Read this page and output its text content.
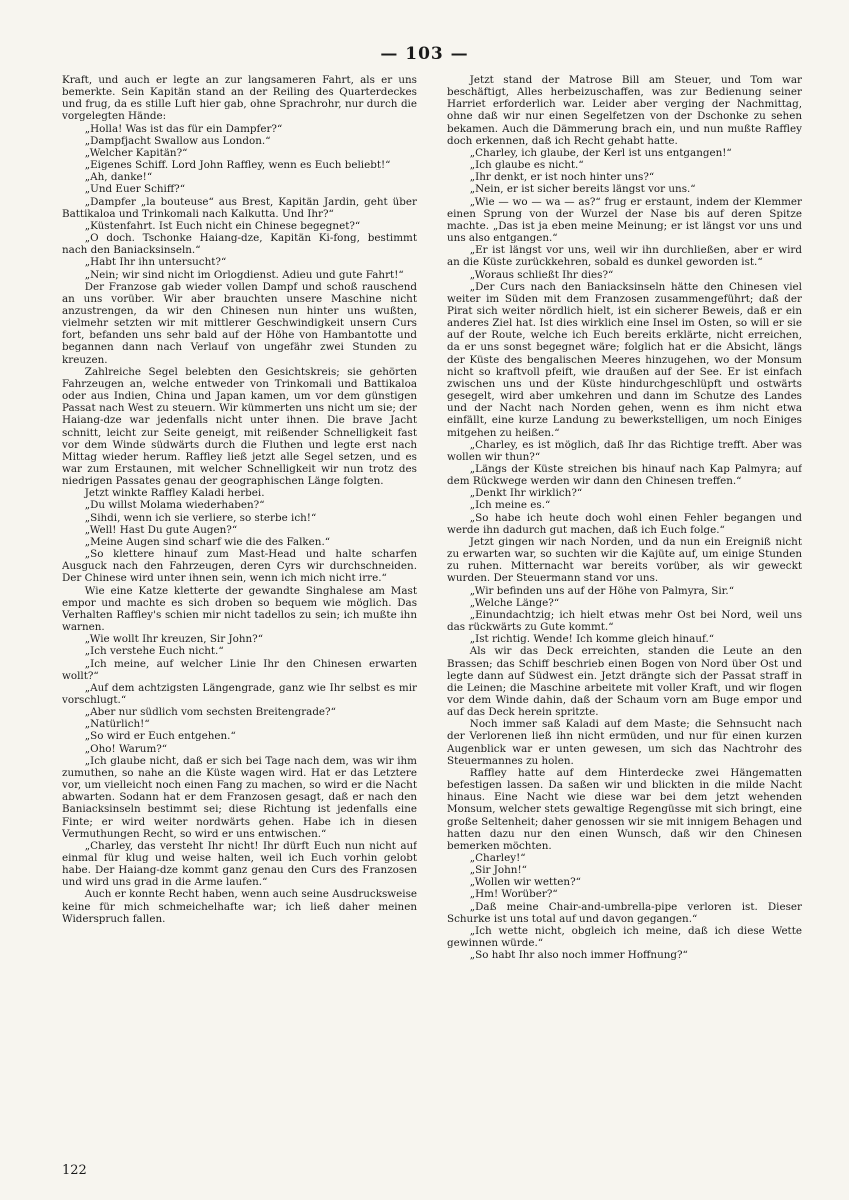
— 103 —

Kraft, und auch er legte an zur langsameren Fahrt, als er uns bemerkte. Sein Kapitän stand an der Reiling des Quarterdeckes und frug, da es stille Luft hier gab, ohne Sprachrohr, nur durch die vorgelegten Hände:

„Holla! Was ist das für ein Dampfer?“

„Dampfjacht Swallow aus London.“

„Welcher Kapitän?“

„Eigenes Schiff. Lord John Raffley, wenn es Euch beliebt!“

„Ah, danke!“

„Und Euer Schiff?“

„Dampfer „la bouteuse“ aus Brest, Kapitän Jardin, geht über Battikaloa und Trinkomali nach Kalkutta. Und Ihr?“

„Küstenfahrt. Ist Euch nicht ein Chinese begegnet?“

„O doch. Tschonke Haiang-dze, Kapitän Ki-fong, bestimmt nach den Baniacksinseln.“

„Habt Ihr ihn untersucht?“

„Nein; wir sind nicht im Orlogdienst. Adieu und gute Fahrt!“

Der Franzose gab wieder vollen Dampf und schoß rauschend an uns vorüber. Wir aber brauchten unsere Maschine nicht anzustrengen, da wir den Chinesen nun hinter uns wußten, vielmehr setzten wir mit mittlerer Geschwindigkeit unsern Curs fort, befanden uns sehr bald auf der Höhe von Hambantotte und begannen dann nach Verlauf von ungefähr zwei Stunden zu kreuzen.

Zahlreiche Segel belebten den Gesichtskreis; sie gehörten Fahrzeugen an, welche entweder von Trinkomali und Battikaloa oder aus Indien, China und Japan kamen, um vor dem günstigen Passat nach West zu steuern. Wir kümmerten uns nicht um sie; der Haiang-dze war jedenfalls nicht unter ihnen. Die brave Jacht schnitt, leicht zur Seite geneigt, mit reißender Schnelligkeit fast vor dem Winde südwärts durch die Fluthen und legte erst nach Mittag wieder herum. Raffley ließ jetzt alle Segel setzen, und es war zum Erstaunen, mit welcher Schnelligkeit wir nun trotz des niedrigen Passates genau der geographischen Länge folgten.

Jetzt winkte Raffley Kaladi herbei.

„Du willst Molama wiederhaben?“

„Sihdi, wenn ich sie verliere, so sterbe ich!“

„Well! Hast Du gute Augen?“

„Meine Augen sind scharf wie die des Falken.“

„So klettere hinauf zum Mast-Head und halte scharfen Ausguck nach den Fahrzeugen, deren Cyrs wir durchschneiden. Der Chinese wird unter ihnen sein, wenn ich mich nicht irre.“

Wie eine Katze kletterte der gewandte Singhalese am Mast empor und machte es sich droben so bequem wie möglich. Das Verhalten Raffley's schien mir nicht tadellos zu sein; ich mußte ihn warnen.

„Wie wollt Ihr kreuzen, Sir John?“

„Ich verstehe Euch nicht.“

„Ich meine, auf welcher Linie Ihr den Chinesen erwarten wollt?“

„Auf dem achtzigsten Längengrade, ganz wie Ihr selbst es mir vorschlugt.“

„Aber nur südlich vom sechsten Breitengrade?“

„Natürlich!“

„So wird er Euch entgehen.“

„Oho! Warum?“

„Ich glaube nicht, daß er sich bei Tage nach dem, was wir ihm zumuthen, so nahe an die Küste wagen wird. Hat er das Letztere vor, um vielleicht noch einen Fang zu machen, so wird er die Nacht abwarten. Sodann hat er dem Franzosen gesagt, daß er nach den Baniacksinseln bestimmt sei; diese Richtung ist jedenfalls eine Finte; er wird weiter nordwärts gehen. Habe ich in diesen Vermuthungen Recht, so wird er uns entwischen.“

„Charley, das versteht Ihr nicht! Ihr dürft Euch nun nicht auf einmal für klug und weise halten, weil ich Euch vorhin gelobt habe. Der Haiang-dze kommt ganz genau den Curs des Franzosen und wird uns grad in die Arme laufen.“

Auch er konnte Recht haben, wenn auch seine Ausdrucksweise keine für mich schmeichelhafte war; ich ließ daher meinen Widerspruch fallen.

Jetzt stand der Matrose Bill am Steuer, und Tom war beschäftigt, Alles herbeizuschaffen, was zur Bedienung seiner Harriet erforderlich war. Leider aber verging der Nachmittag, ohne daß wir nur einen Segelfetzen von der Dschonke zu sehen bekamen. Auch die Dämmerung brach ein, und nun mußte Raffley doch erkennen, daß ich Recht gehabt hatte.

„Charley, ich glaube, der Kerl ist uns entgangen!“

„Ich glaube es nicht.“

„Ihr denkt, er ist noch hinter uns?“

„Nein, er ist sicher bereits längst vor uns.“

„Wie — wo — wa — as?“ frug er erstaunt, indem der Klemmer einen Sprung von der Wurzel der Nase bis auf deren Spitze machte. „Das ist ja eben meine Meinung; er ist längst vor uns und uns also entgangen.“

„Er ist längst vor uns, weil wir ihn durchließen, aber er wird an die Küste zurückkehren, sobald es dunkel geworden ist.“

„Woraus schließt Ihr dies?“

„Der Curs nach den Baniacksinseln hätte den Chinesen viel weiter im Süden mit dem Franzosen zusammengeführt; daß der Pirat sich weiter nördlich hielt, ist ein sicherer Beweis, daß er ein anderes Ziel hat. Ist dies wirklich eine Insel im Osten, so will er sie auf der Route, welche ich Euch bereits erklärte, nicht erreichen, da er uns sonst begegnet wäre; folglich hat er die Absicht, längs der Küste des bengalischen Meeres hinzugehen, wo der Monsum nicht so kraftvoll pfeift, wie draußen auf der See. Er ist einfach zwischen uns und der Küste hindurchgeschlüpft und ostwärts gesegelt, wird aber umkehren und dann im Schutze des Landes und der Nacht nach Norden gehen, wenn es ihm nicht etwa einfällt, eine kurze Landung zu bewerkstelligen, um noch Einiges mitgehen zu heißen.“

„Charley, es ist möglich, daß Ihr das Richtige trefft. Aber was wollen wir thun?“

„Längs der Küste streichen bis hinauf nach Kap Palmyra; auf dem Rückwege werden wir dann den Chinesen treffen.“

„Denkt Ihr wirklich?“

„Ich meine es.“

„So habe ich heute doch wohl einen Fehler begangen und werde ihn dadurch gut machen, daß ich Euch folge.“

Jetzt gingen wir nach Norden, und da nun ein Ereigniß nicht zu erwarten war, so suchten wir die Kajüte auf, um einige Stunden zu ruhen. Mitternacht war bereits vorüber, als wir geweckt wurden. Der Steuermann stand vor uns.

„Wir befinden uns auf der Höhe von Palmyra, Sir.“

„Welche Länge?“

„Einundachtzig; ich hielt etwas mehr Ost bei Nord, weil uns das rückwärts zu Gute kommt.“

„Ist richtig. Wende! Ich komme gleich hinauf.“

Als wir das Deck erreichten, standen die Leute an den Brassen; das Schiff beschrieb einen Bogen von Nord über Ost und legte dann auf Südwest ein. Jetzt drängte sich der Passat straff in die Leinen; die Maschine arbeitete mit voller Kraft, und wir flogen vor dem Winde dahin, daß der Schaum vorn am Buge empor und auf das Deck herein spritzte.

Noch immer saß Kaladi auf dem Maste; die Sehnsucht nach der Verlorenen ließ ihn nicht ermüden, und nur für einen kurzen Augenblick war er unten gewesen, um sich das Nachtrohr des Steuermannes zu holen.

Raffley hatte auf dem Hinterdecke zwei Hängematten befestigen lassen. Da saßen wir und blickten in die milde Nacht hinaus. Eine Nacht wie diese war bei dem jetzt wehenden Monsum, welcher stets gewaltige Regengüsse mit sich bringt, eine große Seltenheit; daher genossen wir sie mit innigem Behagen und hatten dazu nur den einen Wunsch, daß wir den Chinesen bemerken möchten.

„Charley!“

„Sir John!“

„Wollen wir wetten?“

„Hm! Worüber?“

„Daß meine Chair-and-umbrella-pipe verloren ist. Dieser Schurke ist uns total auf und davon gegangen.“

„Ich wette nicht, obgleich ich meine, daß ich diese Wette gewinnen würde.“

„So habt Ihr also noch immer Hoffnung?“

122
